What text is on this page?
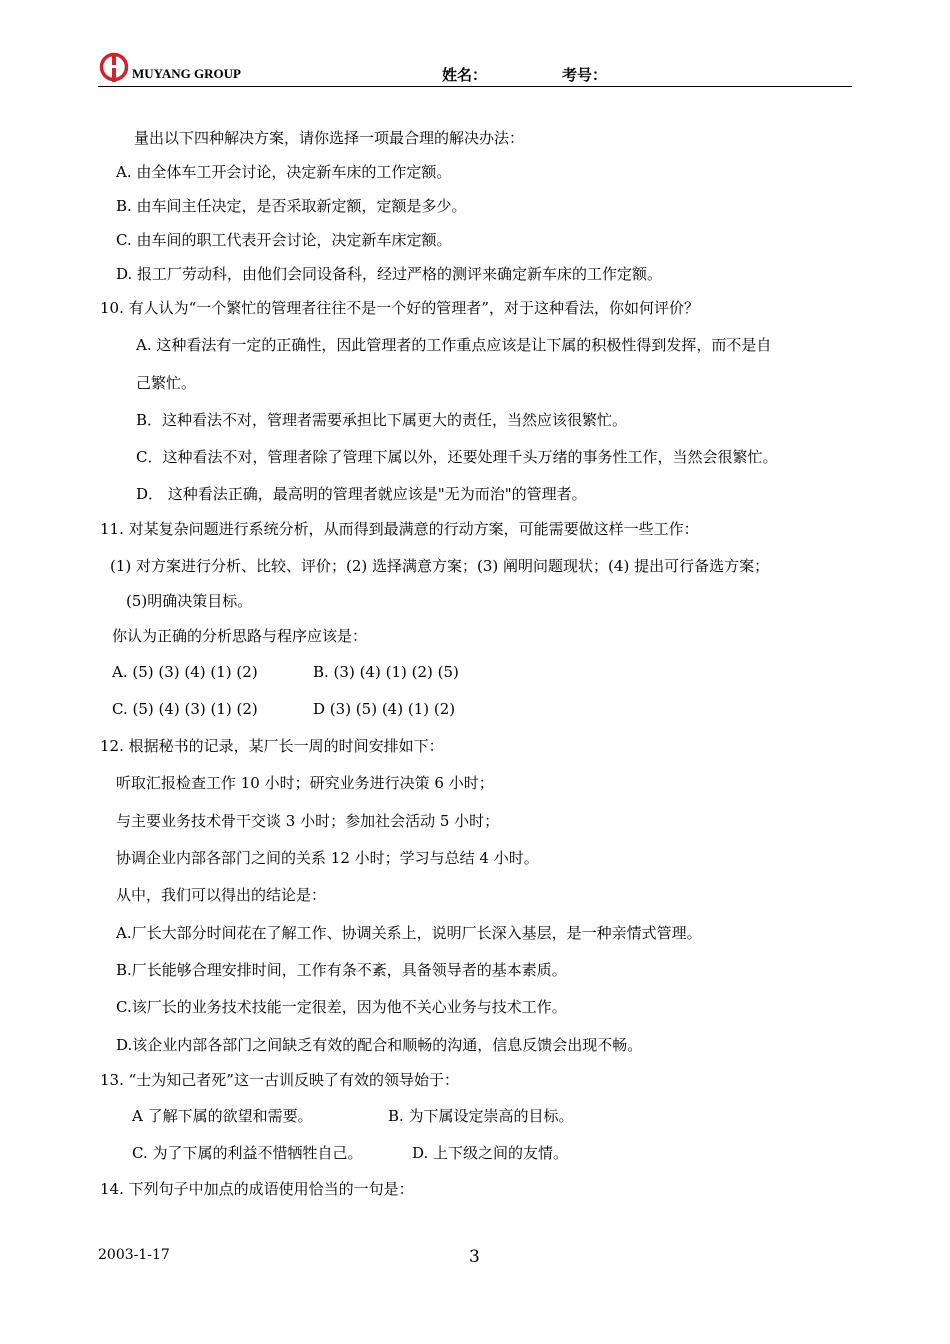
MUYANG GROUP	姓名：	考号：
量出以下四种解决方案，请你选择一项最合理的解决办法：
A. 由全体车工开会讨论，决定新车床的工作定额。
B. 由车间主任决定，是否采取新定额，定额是多少。
C. 由车间的职工代表开会讨论，决定新车床定额。
D. 报工厂劳动科，由他们会同设备科，经过严格的测评来确定新车床的工作定额。
10. 有人认为“一个繁忙的管理者往往不是一个好的管理者”，对于这种看法，你如何评价？
A. 这种看法有一定的正确性，因此管理者的工作重点应该是让下属的积极性得到发挥，而不是自
己繁忙。
B．这种看法不对，管理者需要承担比下属更大的责任，当然应该很繁忙。
C．这种看法不对，管理者除了管理下属以外，还要处理千头万绪的事务性工作，当然会很繁忙。
D． 这种看法正确，最高明的管理者就应该是"无为而治"的管理者。
11. 对某复杂问题进行系统分析，从而得到最满意的行动方案，可能需要做这样一些工作：
(1) 对方案进行分析、比较、评价；(2) 选择满意方案；(3) 阐明问题现状；(4) 提出可行备选方案；
(5)明确决策目标。
你认为正确的分析思路与程序应该是：
A. (5) (3) (4) (1) (2)	B. (3) (4) (1) (2) (5)
C. (5) (4) (3) (1) (2)	D (3) (5) (4) (1) (2)
12. 根据秘书的记录，某厂长一周的时间安排如下：
听取汇报检查工作 10 小时；研究业务进行决策 6 小时；
与主要业务技术骨干交谈 3 小时；参加社会活动 5 小时；
协调企业内部各部门之间的关系 12 小时；学习与总结 4 小时。
从中，我们可以得出的结论是：
A.厂长大部分时间花在了解工作、协调关系上，说明厂长深入基层，是一种亲情式管理。
B.厂长能够合理安排时间，工作有条不紊，具备领导者的基本素质。
C.该厂长的业务技术技能一定很差，因为他不关心业务与技术工作。
D.该企业内部各部门之间缺乏有效的配合和顺畅的沟通，信息反馈会出现不畅。
13. “士为知己者死”这一古训反映了有效的领导始于：
A 了解下属的欲望和需要。	B. 为下属设定崇高的目标。
C. 为了下属的利益不惜牺牲自己。	D. 上下级之间的友情。
14. 下列句子中加点的成语使用恰当的一句是：
2003-1-17	3
